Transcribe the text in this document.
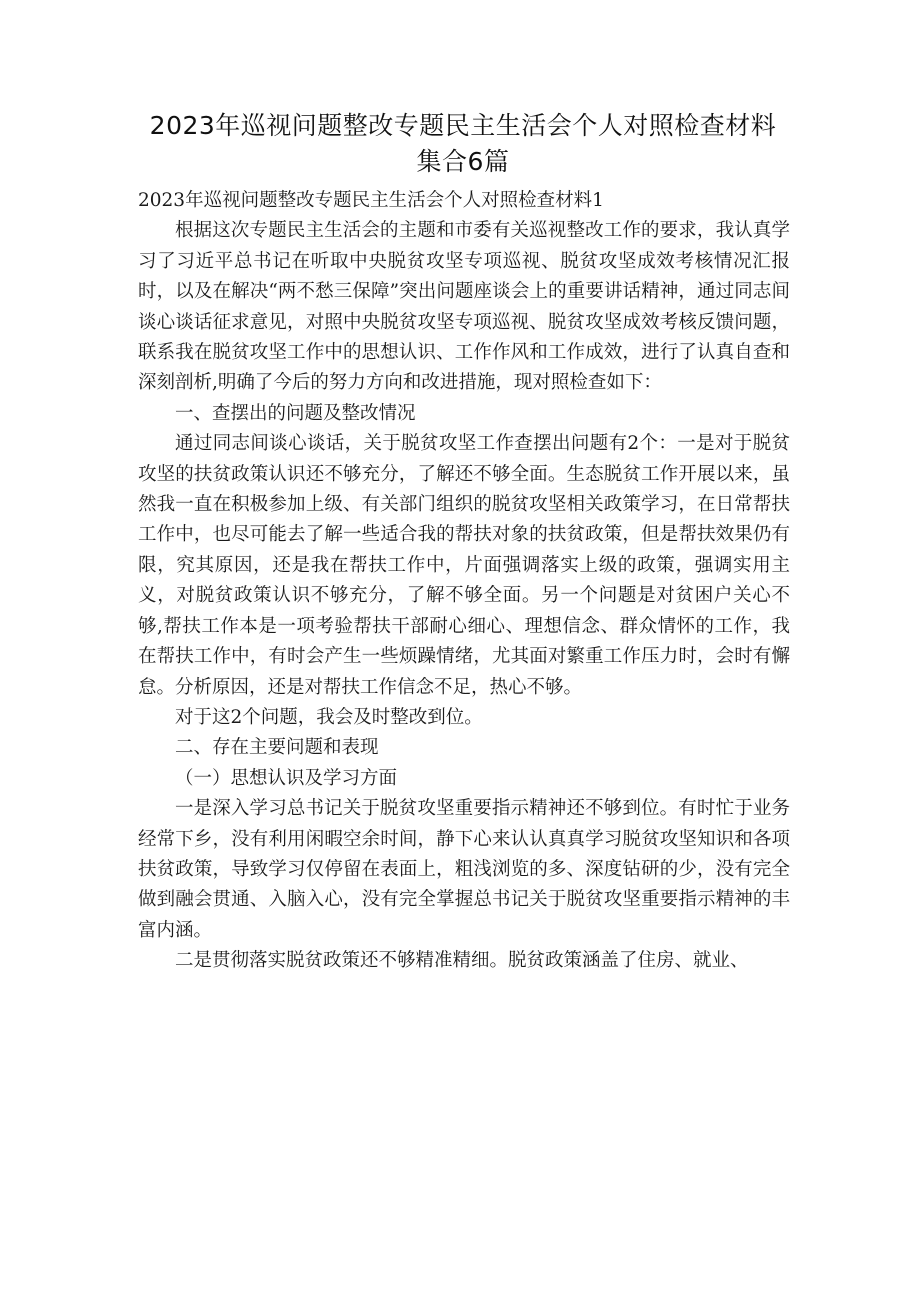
2023年巡视问题整改专题民主生活会个人对照检查材料集合6篇

2023年巡视问题整改专题民主生活会个人对照检查材料1

根据这次专题民主生活会的主题和市委有关巡视整改工作的要求，我认真学习了习近平总书记在听取中央脱贫攻坚专项巡视、脱贫攻坚成效考核情况汇报时，以及在解决“两不愁三保障”突出问题座谈会上的重要讲话精神，通过同志间谈心谈话征求意见，对照中央脱贫攻坚专项巡视、脱贫攻坚成效考核反馈问题，联系我在脱贫攻坚工作中的思想认识、工作作风和工作成效，进行了认真自查和深刻剖析,明确了今后的努力方向和改进措施，现对照检查如下：

一、查摆出的问题及整改情况

通过同志间谈心谈话，关于脱贫攻坚工作查摆出问题有2个：一是对于脱贫攻坚的扶贫政策认识还不够充分，了解还不够全面。生态脱贫工作开展以来，虽然我一直在积极参加上级、有关部门组织的脱贫攻坚相关政策学习，在日常帮扶工作中，也尽可能去了解一些适合我的帮扶对象的扶贫政策，但是帮扶效果仍有限，究其原因，还是我在帮扶工作中，片面强调落实上级的政策，强调实用主义，对脱贫政策认识不够充分，了解不够全面。另一个问题是对贫困户关心不够,帮扶工作本是一项考验帮扶干部耐心细心、理想信念、群众情怀的工作，我在帮扶工作中，有时会产生一些烦躁情绪，尤其面对繁重工作压力时，会时有懈怠。分析原因，还是对帮扶工作信念不足，热心不够。

对于这2个问题，我会及时整改到位。

二、存在主要问题和表现

（一）思想认识及学习方面

一是深入学习总书记关于脱贫攻坚重要指示精神还不够到位。有时忙于业务经常下乡，没有利用闲暇空余时间，静下心来认认真真学习脱贫攻坚知识和各项扶贫政策，导致学习仅停留在表面上，粗浅浏览的多、深度钻研的少，没有完全做到融会贯通、入脑入心，没有完全掌握总书记关于脱贫攻坚重要指示精神的丰富内涵。

二是贯彻落实脱贫政策还不够精准精细。脱贫政策涵盖了住房、就业、
